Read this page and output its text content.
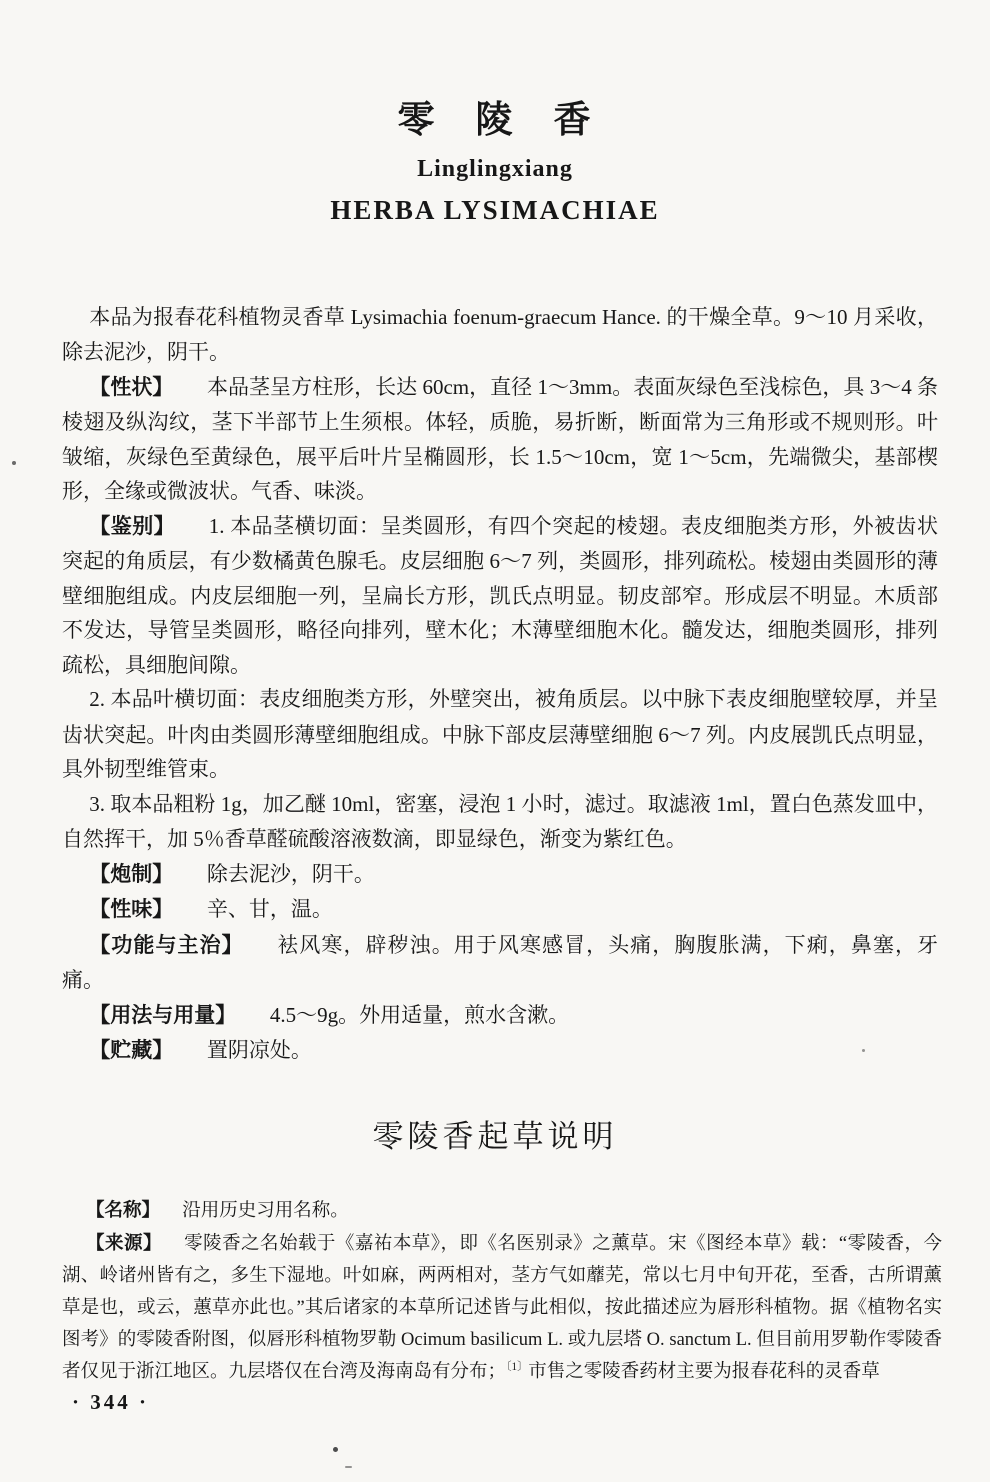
零　陵　香
Linglingxiang
HERBA LYSIMACHIAE

本品为报春花科植物灵香草 Lysimachia foenum-graecum Hance. 的干燥全草。9～10 月采收，除去泥沙，阴干。

【性状】 本品茎呈方柱形，长达 60cm，直径 1～3mm。表面灰绿色至浅棕色，具 3～4 条棱翅及纵沟纹，茎下半部节上生须根。体轻，质脆，易折断，断面常为三角形或不规则形。叶皱缩，灰绿色至黄绿色，展平后叶片呈椭圆形，长 1.5～10cm，宽 1～5cm，先端微尖，基部楔形，全缘或微波状。气香、味淡。

【鉴别】 1. 本品茎横切面：呈类圆形，有四个突起的棱翅。表皮细胞类方形，外被齿状突起的角质层，有少数橘黄色腺毛。皮层细胞 6～7 列，类圆形，排列疏松。棱翅由类圆形的薄壁细胞组成。内皮层细胞一列，呈扁长方形，凯氏点明显。韧皮部窄。形成层不明显。木质部不发达，导管呈类圆形，略径向排列，壁木化；木薄壁细胞木化。髓发达，细胞类圆形，排列疏松，具细胞间隙。

2. 本品叶横切面：表皮细胞类方形，外壁突出，被角质层。以中脉下表皮细胞壁较厚，并呈齿状突起。叶肉由类圆形薄壁细胞组成。中脉下部皮层薄壁细胞 6～7 列。内皮展凯氏点明显，具外韧型维管束。

3. 取本品粗粉 1g，加乙醚 10ml，密塞，浸泡 1 小时，滤过。取滤液 1ml，置白色蒸发皿中，自然挥干，加 5％香草醛硫酸溶液数滴，即显绿色，渐变为紫红色。

【炮制】 除去泥沙，阴干。

【性味】 辛、甘，温。

【功能与主治】 袪风寒，辟秽浊。用于风寒感冒，头痛，胸腹胀满，下痢，鼻塞，牙痛。

【用法与用量】 4.5～9g。外用适量，煎水含漱。

【贮藏】 置阴凉处。

零陵香起草说明

【名称】 沿用历史习用名称。

【来源】 零陵香之名始载于《嘉祐本草》，即《名医别录》之薰草。宋《图经本草》载：“零陵香，今湖、岭诸州皆有之，多生下湿地。叶如麻，两两相对，茎方气如蘼芜，常以七月中旬开花，至香，古所谓薰草是也，或云，蕙草亦此也。”其后诸家的本草所记述皆与此相似，按此描述应为唇形科植物。据《植物名实图考》的零陵香附图，似唇形科植物罗勒 Ocimum basilicum L. 或九层塔 O. sanctum L. 但目前用罗勒作零陵香者仅见于浙江地区。九层塔仅在台湾及海南岛有分布；$^{〔1〕}$市售之零陵香药材主要为报春花科的灵香草

· 344 ·
